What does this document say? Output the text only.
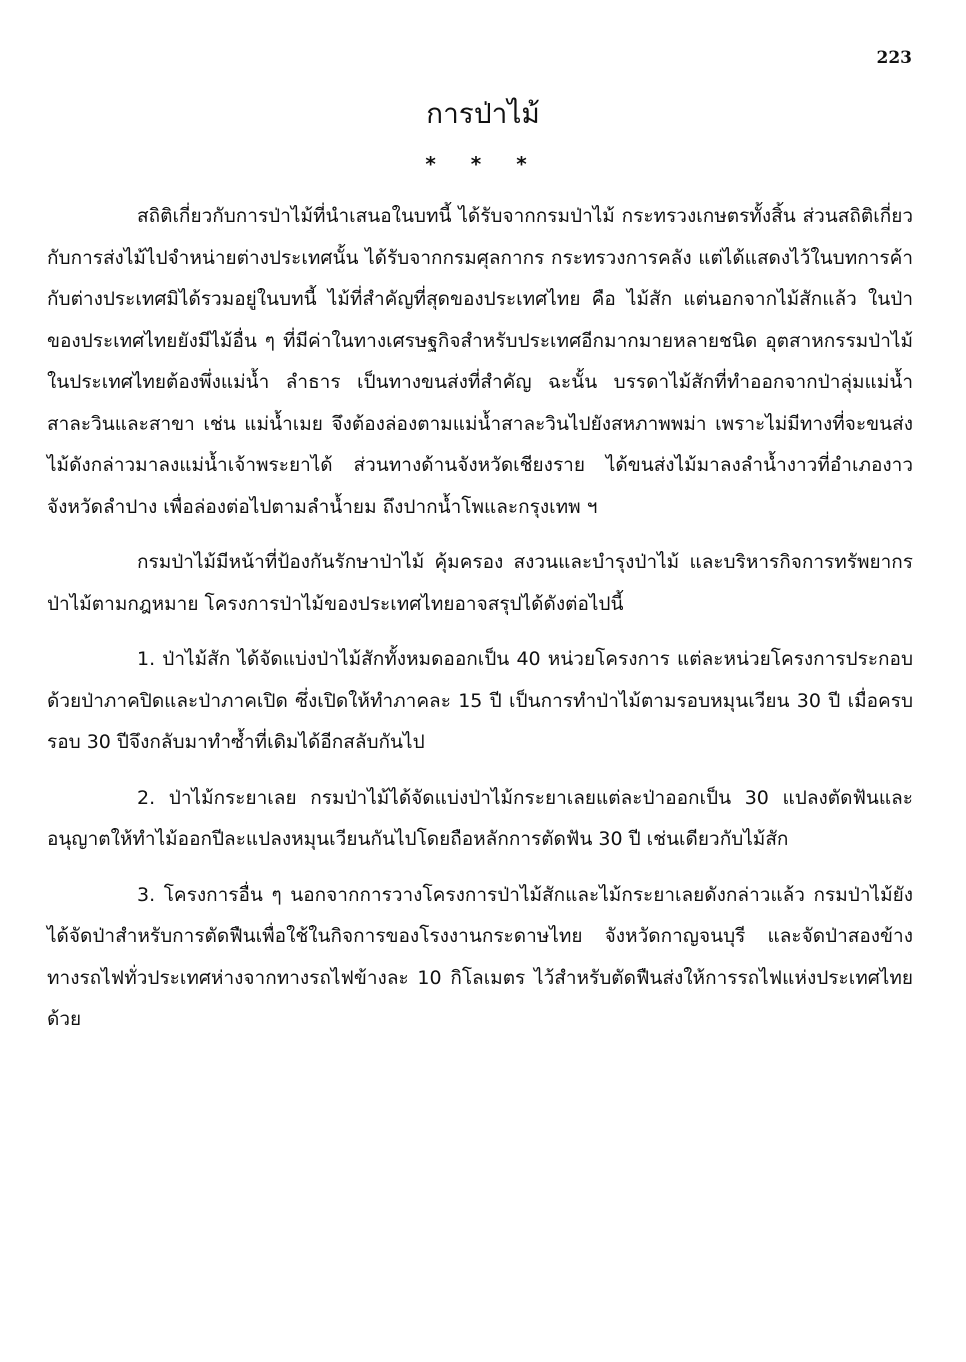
223
การป่าไม้
* * *

สถิติเกี่ยวกับการป่าไม้ที่นำเสนอในบทนี้ ได้รับจากกรมป่าไม้ กระทรวงเกษตรทั้งสิ้น ส่วนสถิติเกี่ยวกับการส่งไม้ไปจำหน่ายต่างประเทศนั้น ได้รับจากกรมศุลกากร กระทรวงการคลัง แต่ได้แสดงไว้ในบทการค้ากับต่างประเทศมิได้รวมอยู่ในบทนี้ ไม้ที่สำคัญที่สุดของประเทศไทย คือ ไม้สัก แต่นอกจากไม้สักแล้ว ในป่าของประเทศไทยยังมีไม้อื่น ๆ ที่มีค่าในทางเศรษฐกิจสำหรับประเทศอีกมากมายหลายชนิด อุตสาหกรรมป่าไม้ในประเทศไทยต้องพึ่งแม่น้ำ ลำธาร เป็นทางขนส่งที่สำคัญ ฉะนั้น บรรดาไม้สักที่ทำออกจากป่าลุ่มแม่น้ำสาละวินและสาขา เช่น แม่น้ำเมย จึงต้องล่องตามแม่น้ำสาละวินไปยังสหภาพพม่า เพราะไม่มีทางที่จะขนส่งไม้ดังกล่าวมาลงแม่น้ำเจ้าพระยาได้ ส่วนทางด้านจังหวัดเชียงราย ได้ขนส่งไม้มาลงลำน้ำงาวที่อำเภองาว จังหวัดลำปาง เพื่อล่องต่อไปตามลำน้ำยม ถึงปากน้ำโพและกรุงเทพ ฯ

กรมป่าไม้มีหน้าที่ป้องกันรักษาป่าไม้ คุ้มครอง สงวนและบำรุงป่าไม้ และบริหารกิจการทรัพยากรป่าไม้ตามกฎหมาย โครงการป่าไม้ของประเทศไทยอาจสรุปได้ดังต่อไปนี้

1. ป่าไม้สัก ได้จัดแบ่งป่าไม้สักทั้งหมดออกเป็น 40 หน่วยโครงการ แต่ละหน่วยโครงการประกอบด้วยป่าภาคปิดและป่าภาคเปิด ซึ่งเปิดให้ทำภาคละ 15 ปี เป็นการทำป่าไม้ตามรอบหมุนเวียน 30 ปี เมื่อครบรอบ 30 ปีจึงกลับมาทำซ้ำที่เดิมได้อีกสลับกันไป

2. ป่าไม้กระยาเลย กรมป่าไม้ได้จัดแบ่งป่าไม้กระยาเลยแต่ละป่าออกเป็น 30 แปลงตัดฟันและอนุญาตให้ทำไม้ออกปีละแปลงหมุนเวียนกันไปโดยถือหลักการตัดฟัน 30 ปี เช่นเดียวกับไม้สัก

3. โครงการอื่น ๆ นอกจากการวางโครงการป่าไม้สักและไม้กระยาเลยดังกล่าวแล้ว กรมป่าไม้ยังได้จัดป่าสำหรับการตัดฟืนเพื่อใช้ในกิจการของโรงงานกระดาษไทย จังหวัดกาญจนบุรี และจัดป่าสองข้างทางรถไฟทั่วประเทศห่างจากทางรถไฟข้างละ 10 กิโลเมตร ไว้สำหรับตัดฟืนส่งให้การรถไฟแห่งประเทศไทยด้วย
